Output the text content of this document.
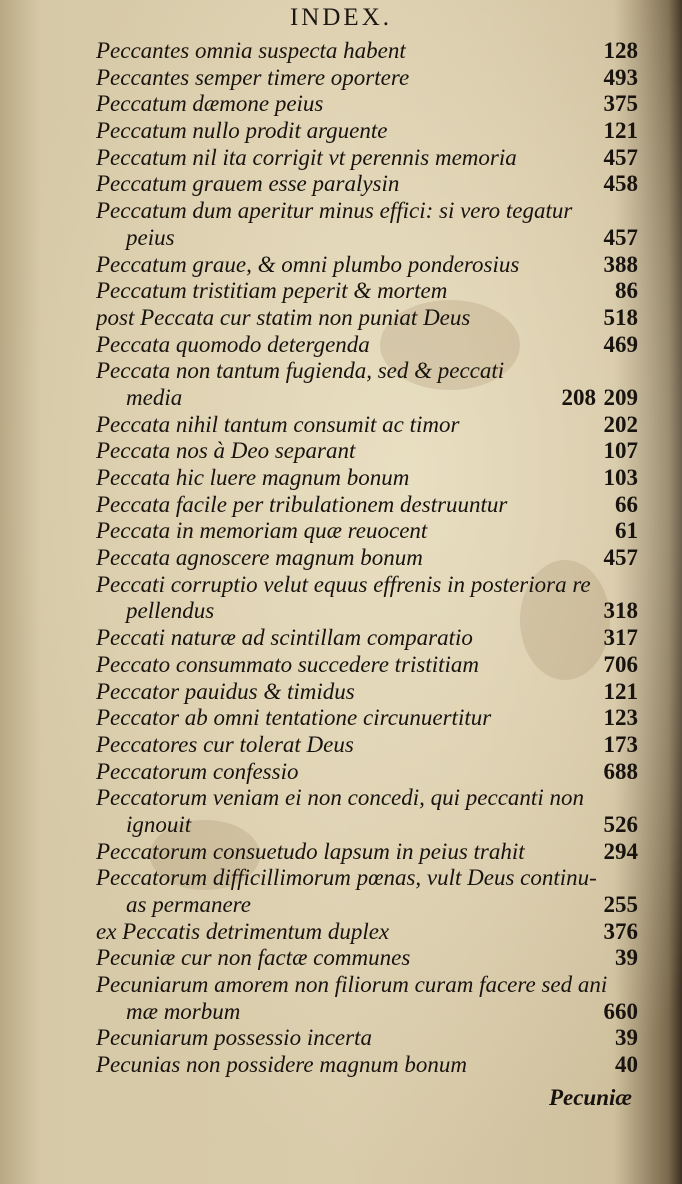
INDEX.
Peccantes omnia suspecta habent	128
Peccantes semper timere oportere	493
Peccatum dæmone peius	375
Peccatum nullo prodit arguente	121
Peccatum nil ita corrigit vt perennis memoria	457
Peccatum grauem esse paralysin	458
Peccatum dum aperitur minus effici: si vero tegatur
peius	457
Peccatum graue, & omni plumbo ponderosius	388
Peccatum tristitiam peperit & mortem	86
post Peccata cur statim non puniat Deus	518
Peccata quomodo detergenda	469
Peccata non tantum fugienda, sed & peccati
media	208 209
Peccata nihil tantum consumit ac timor	202
Peccata nos à Deo separant	107
Peccata hic luere magnum bonum	103
Peccata facile per tribulationem destruuntur	66
Peccata in memoriam quæ reuocent	61
Peccata agnoscere magnum bonum	457
Peccati corruptio velut equus effrenis in posteriora re
pellendus	318
Peccati naturæ ad scintillam comparatio	317
Peccato consummato succedere tristitiam	706
Peccator pauidus & timidus	121
Peccator ab omni tentatione circunuertitur	123
Peccatores cur tolerat Deus	173
Peccatorum confessio	688
Peccatorum veniam ei non concedi, qui peccanti non
ignouit	526
Peccatorum consuetudo lapsum in peius trahit	294
Peccatorum difficillimorum pœnas, vult Deus continu-
as permanere	255
ex Peccatis detrimentum duplex	376
Pecuniæ cur non factæ communes	39
Pecuniarum amorem non filiorum curam facere sed ani
mæ morbum	660
Pecuniarum possessio incerta	39
Pecunias non possidere magnum bonum	40
Pecuniæ
